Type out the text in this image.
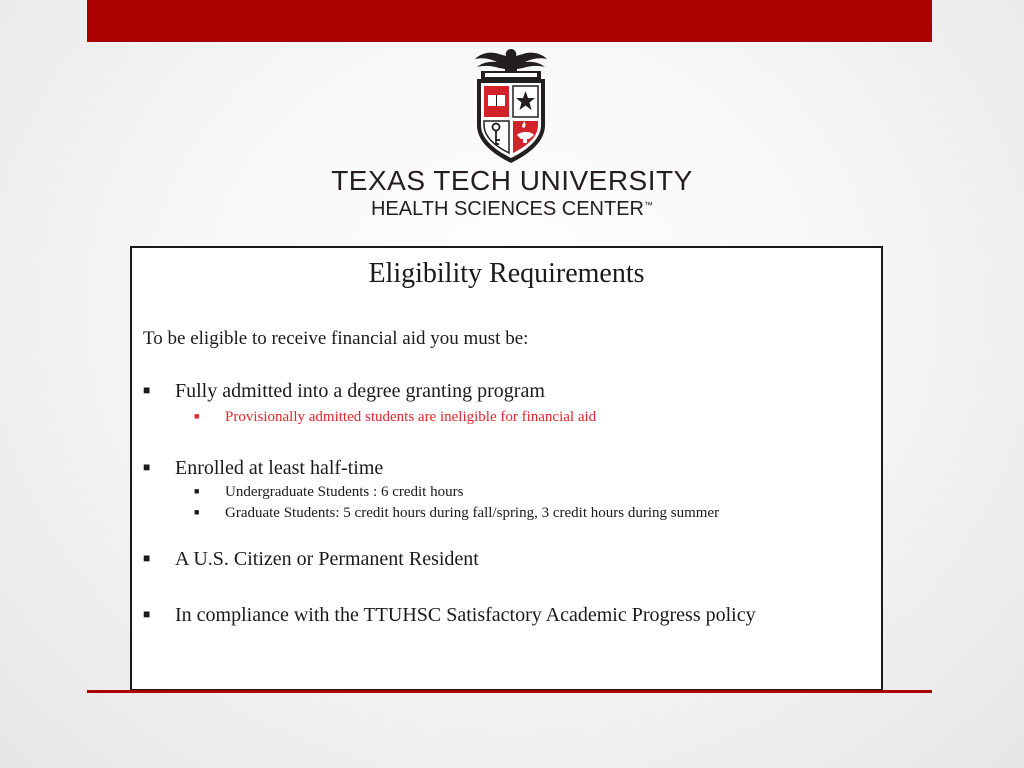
TEXAS TECH UNIVERSITY
HEALTH SCIENCES CENTER™
Eligibility Requirements
To be eligible to receive financial aid you must be:
■ Fully admitted into a degree granting program
■ Provisionally admitted students are ineligible for financial aid
■ Enrolled at least half-time
■ Undergraduate Students : 6 credit hours
■ Graduate Students: 5 credit hours during fall/spring, 3 credit hours during summer
■ A U.S. Citizen or Permanent Resident
■ In compliance with the TTUHSC Satisfactory Academic Progress policy
